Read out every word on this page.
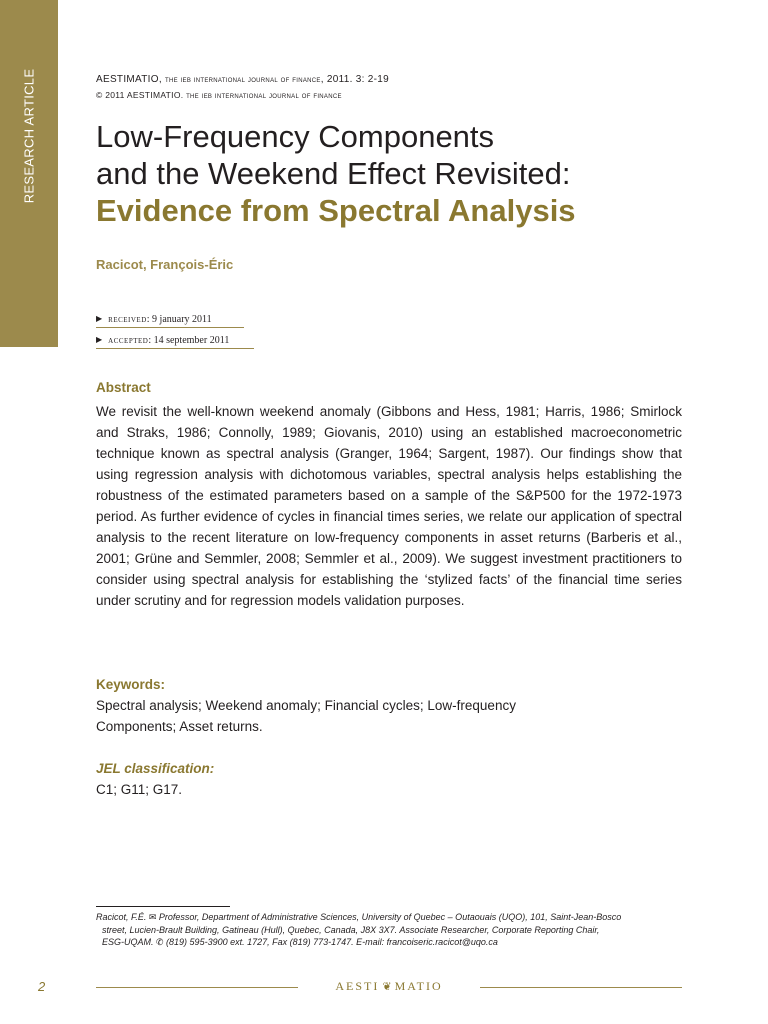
RESEARCH ARTICLE	AESTIMATIO, the ieb international journal of finance, 2011. 3: 2-19
© 2011 AESTIMATIO. the ieb international journal of finance
Low-Frequency Components
and the Weekend Effect Revisited:
Evidence from Spectral Analysis
Racicot, François-Éric
▶ received: 9 january 2011
▶ accepted: 14 september 2011
Abstract

We revisit the well-known weekend anomaly (Gibbons and Hess, 1981; Harris, 1986; Smirlock and Straks, 1986; Connolly, 1989; Giovanis, 2010) using an established macroeconometric technique known as spectral analysis (Granger, 1964; Sargent, 1987). Our findings show that using regression analysis with dichotomous variables, spectral analysis helps establishing the robustness of the estimated parameters based on a sample of the S&P500 for the 1972-1973 period. As further evidence of cycles in financial times series, we relate our application of spectral analysis to the recent literature on low-frequency components in asset returns (Barberis et al., 2001; Grüne and Semmler, 2008; Semmler et al., 2009). We suggest investment practitioners to consider using spectral analysis for establishing the ‘stylized facts’ of the financial time series under scrutiny and for regression models validation purposes.

Keywords:
Spectral analysis; Weekend anomaly; Financial cycles; Low-frequency
Components; Asset returns.
JEL classification:
C1; G11; G17.
Racicot, F.É. ✉ Professor, Department of Administrative Sciences, University of Quebec – Outaouais (UQO), 101, Saint-Jean-Bosco
street, Lucien-Brault Building, Gatineau (Hull), Quebec, Canada, J8X 3X7. Associate Researcher, Corporate Reporting Chair,
ESG-UQAM. ✆ (819) 595-3900 ext. 1727, Fax (819) 773-1747. E-mail: francoiseric.racicot@uqo.ca
2	AESTI ❦ MATIO
